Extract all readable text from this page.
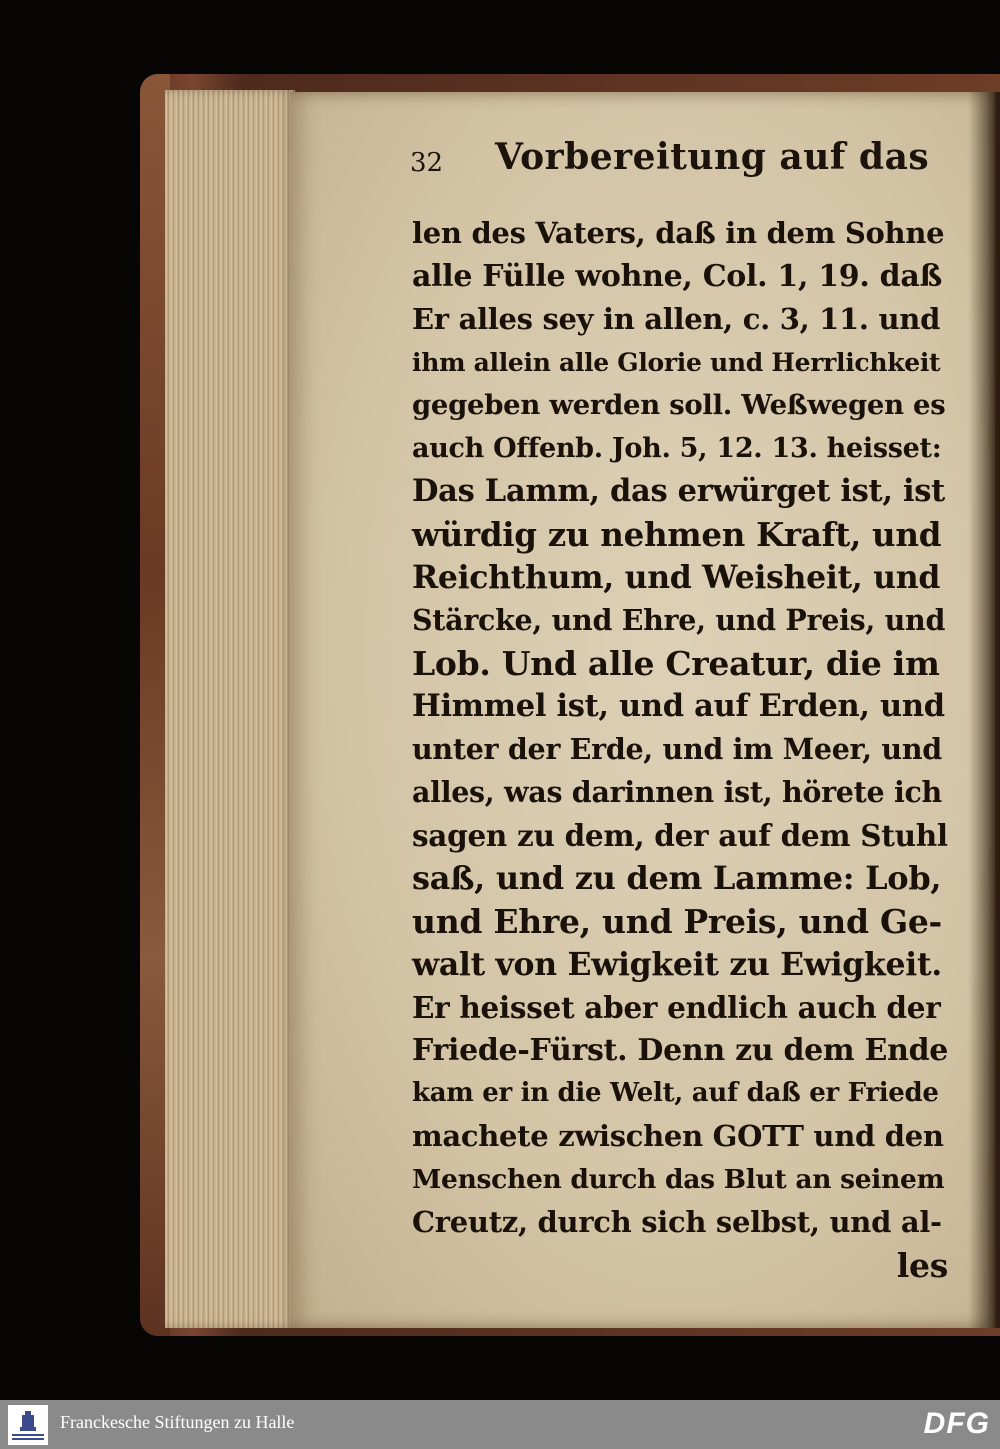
32 Vorbereitung auf das
len des Vaters, daß in dem Sohne
alle Fülle wohne, Col. 1, 19. daß
Er alles sey in allen, c. 3, 11. und
ihm allein alle Glorie und Herrlichkeit
gegeben werden soll. Weßwegen es
auch Offenb. Joh. 5, 12. 13. heisset:
Das Lamm, das erwürget ist, ist
würdig zu nehmen Kraft, und
Reichthum, und Weisheit, und
Stärcke, und Ehre, und Preis, und
Lob. Und alle Creatur, die im
Himmel ist, und auf Erden, und
unter der Erde, und im Meer, und
alles, was darinnen ist, hörete ich
sagen zu dem, der auf dem Stuhl
saß, und zu dem Lamme: Lob,
und Ehre, und Preis, und Ge-
walt von Ewigkeit zu Ewigkeit.
Er heisset aber endlich auch der
Friede-Fürst. Denn zu dem Ende
kam er in die Welt, auf daß er Friede
machete zwischen GOTT und den
Menschen durch das Blut an seinem
Creutz, durch sich selbst, und al-
les
Franckesche Stiftungen zu Halle	DFG
